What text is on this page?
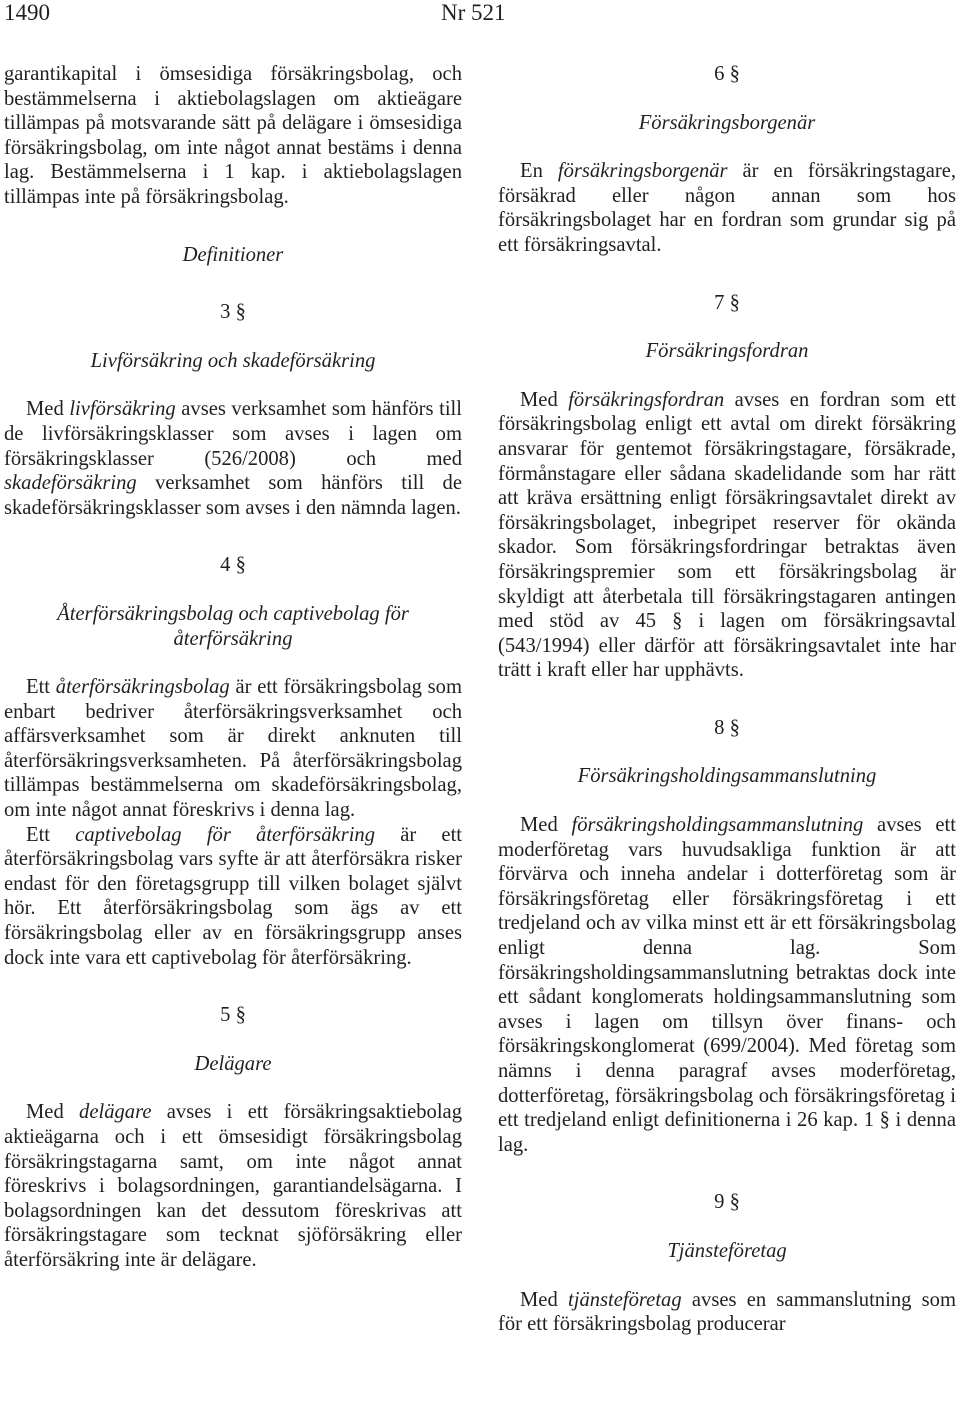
1490	Nr 521

garantikapital i ömsesidiga försäkringsbolag, och bestämmelserna i aktiebolagslagen om aktieägare tillämpas på motsvarande sätt på delägare i ömsesidiga försäkringsbolag, om inte något annat bestäms i denna lag. Bestämmelserna i 1 kap. i aktiebolagslagen tillämpas inte på försäkringsbolag.

Definitioner
3 §
Livförsäkring och skadeförsäkring

Med livförsäkring avses verksamhet som hänförs till de livförsäkringsklasser som avses i lagen om försäkringsklasser (526/2008) och med skadeförsäkring verksamhet som hänförs till de skadeförsäkringsklasser som avses i den nämnda lagen.

4 §
Återförsäkringsbolag och captivebolag för återförsäkring

Ett återförsäkringsbolag är ett försäkringsbolag som enbart bedriver återförsäkringsverksamhet och affärsverksamhet som är direkt anknuten till återförsäkringsverksamheten. På återförsäkringsbolag tillämpas bestämmelserna om skadeförsäkringsbolag, om inte något annat föreskrivs i denna lag.

Ett captivebolag för återförsäkring är ett återförsäkringsbolag vars syfte är att återförsäkra risker endast för den företagsgrupp till vilken bolaget självt hör. Ett återförsäkringsbolag som ägs av ett försäkringsbolag eller av en försäkringsgrupp anses dock inte vara ett captivebolag för återförsäkring.

5 §
Delägare

Med delägare avses i ett försäkringsaktiebolag aktieägarna och i ett ömsesidigt försäkringsbolag försäkringstagarna samt, om inte något annat föreskrivs i bolagsordningen, garantiandelsägarna. I bolagsordningen kan det dessutom föreskrivas att försäkringstagare som tecknat sjöförsäkring eller återförsäkring inte är delägare.

6 §
Försäkringsborgenär

En försäkringsborgenär är en försäkringstagare, försäkrad eller någon annan som hos försäkringsbolaget har en fordran som grundar sig på ett försäkringsavtal.

7 §
Försäkringsfordran

Med försäkringsfordran avses en fordran som ett försäkringsbolag enligt ett avtal om direkt försäkring ansvarar för gentemot försäkringstagare, försäkrade, förmånstagare eller sådana skadelidande som har rätt att kräva ersättning enligt försäkringsavtalet direkt av försäkringsbolaget, inbegripet reserver för okända skador. Som försäkringsfordringar betraktas även försäkringspremier som ett försäkringsbolag är skyldigt att återbetala till försäkringstagaren antingen med stöd av 45 § i lagen om försäkringsavtal (543/1994) eller därför att försäkringsavtalet inte har trätt i kraft eller har upphävts.

8 §
Försäkringsholdingsammanslutning

Med försäkringsholdingsammanslutning avses ett moderföretag vars huvudsakliga funktion är att förvärva och inneha andelar i dotterföretag som är försäkringsföretag eller försäkringsföretag i ett tredjeland och av vilka minst ett är ett försäkringsbolag enligt denna lag. Som försäkringsholdingsammanslutning betraktas dock inte ett sådant konglomerats holdingsammanslutning som avses i lagen om tillsyn över finans- och försäkringskonglomerat (699/2004). Med företag som nämns i denna paragraf avses moderföretag, dotterföretag, försäkringsbolag och försäkringsföretag i ett tredjeland enligt definitionerna i 26 kap. 1 § i denna lag.

9 §
Tjänsteföretag

Med tjänsteföretag avses en sammanslutning som för ett försäkringsbolag producerar
